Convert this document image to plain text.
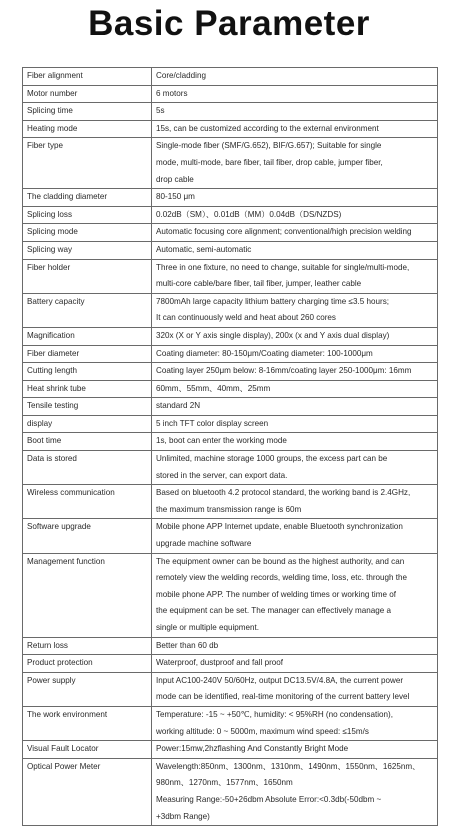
Basic Parameter
Fiber alignment	Core/cladding

Motor number	6 motors

Splicing time	5s

Heating mode	15s, can be customized according to the external environment

Fiber type	Single-mode fiber (SMF/G.652), BIF/G.657); Suitable for single
mode, multi-mode, bare fiber, tail fiber, drop cable, jumper fiber,
drop cable

The cladding diameter	80-150 μm

Splicing loss	0.02dB（SM）、0.01dB（MM）0.04dB（DS/NZDS)

Splicing mode	Automatic focusing core alignment; conventional/high precision welding

Splicing way	Automatic, semi-automatic

Fiber holder	Three in one fixture, no need to change, suitable for single/multi-mode,
multi-core cable/bare fiber, tail fiber, jumper, leather cable

Battery capacity	7800mAh large capacity lithium battery charging time ≤3.5 hours;
It can continuously weld and heat about 260 cores

Magnification	320x (X or Y axis single display), 200x (x and Y axis dual display)

Fiber diameter	Coating diameter: 80-150μm/Coating diameter: 100-1000μm

Cutting length	Coating layer 250μm below: 8-16mm/coating layer 250-1000μm: 16mm

Heat shrink tube	60mm、55mm、40mm、25mm

Tensile testing	standard 2N

display	5 inch TFT color display screen

Boot time	1s, boot can enter the working mode

Data is stored	Unlimited, machine storage 1000 groups, the excess part can be
stored in the server, can export data.

Wireless communication	Based on bluetooth 4.2 protocol standard, the working band is 2.4GHz,
the maximum transmission range is 60m

Software upgrade	Mobile phone APP Internet update, enable Bluetooth synchronization
upgrade machine software

Management function	The equipment owner can be bound as the highest authority, and can
remotely view the welding records, welding time, loss, etc. through the
mobile phone APP. The number of welding times or working time of
the equipment can be set. The manager can effectively manage a
single or multiple equipment.

Return loss	Better than 60 db

Product protection	Waterproof, dustproof and fall proof

Power supply	Input AC100-240V 50/60Hz, output DC13.5V/4.8A, the current power
mode can be identified, real-time monitoring of the current battery level

The work environment	Temperature: -15 ~ +50℃, humidity: < 95%RH (no condensation),
working altitude: 0 ~ 5000m, maximum wind speed: ≤15m/s

Visual Fault Locator	Power:15mw,2hzflashing And Constantly Bright Mode

Optical Power Meter	Wavelength:850nm、1300nm、1310nm、1490nm、1550nm、1625nm、
980nm、1270nm、1577nm、1650nm
Measuring Range:-50+26dbm Absolute Error:<0.3db(-50dbm ~
+3dbm Range)
